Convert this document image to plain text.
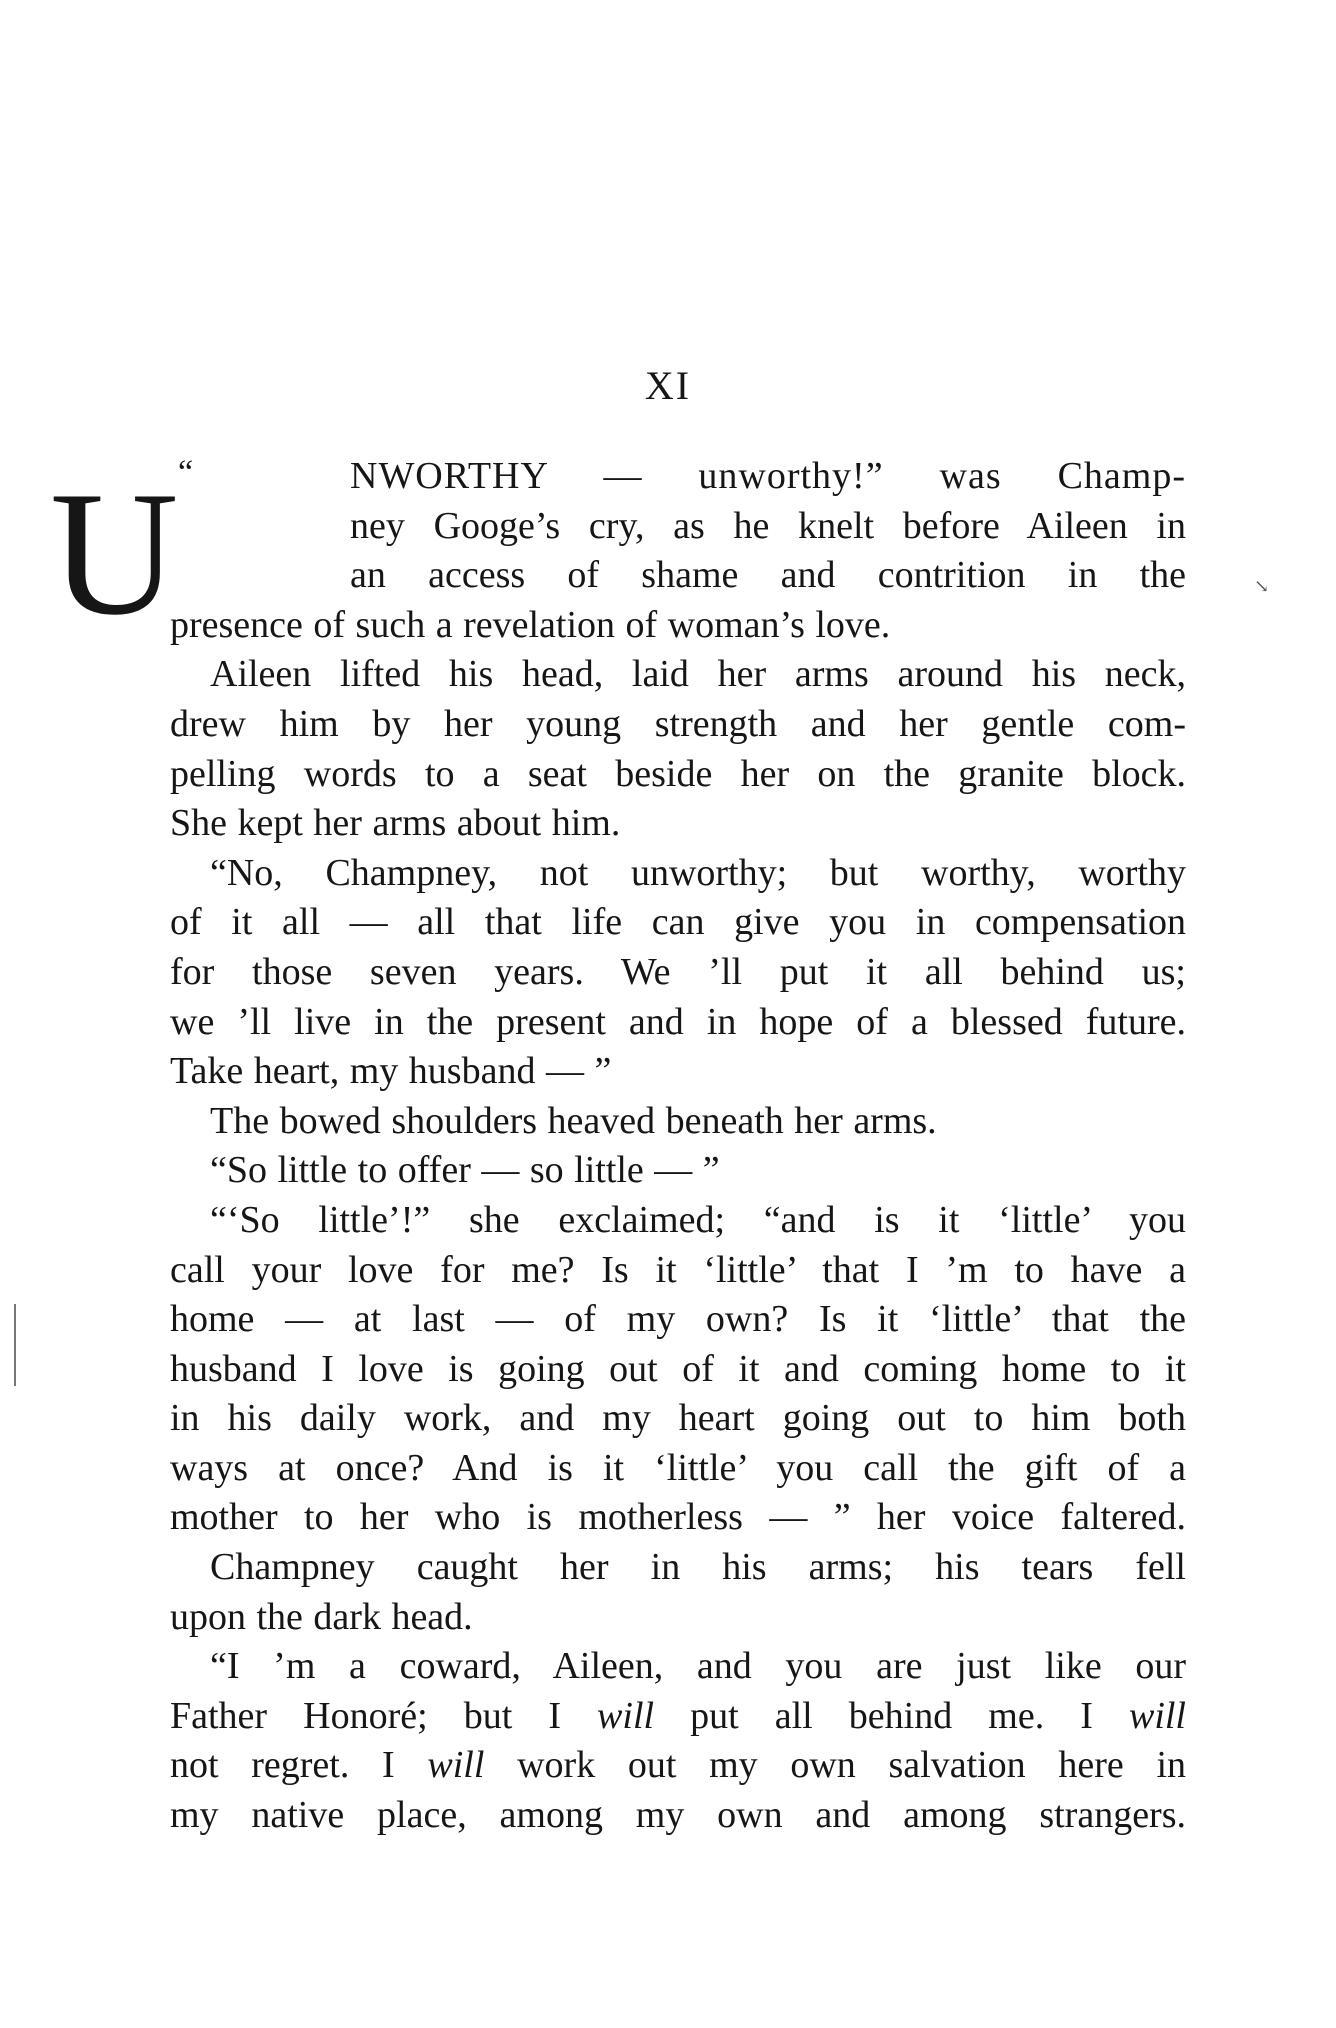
XI
“
U	NWORTHY — unworthy!” was Champ-
ney Googe’s cry, as he knelt before Aileen in
an access of shame and contrition in the
presence of such a revelation of woman’s love.
Aileen lifted his head, laid her arms around his neck,
drew him by her young strength and her gentle com-
pelling words to a seat beside her on the granite block.
She kept her arms about him.
“No, Champney, not unworthy; but worthy, worthy
of it all — all that life can give you in compensation
for those seven years. We ’ll put it all behind us;
we ’ll live in the present and in hope of a blessed future.
Take heart, my husband — ”
The bowed shoulders heaved beneath her arms.
“So little to offer — so little — ”
“‘So little’!” she exclaimed; “and is it ‘little’ you
call your love for me? Is it ‘little’ that I ’m to have a
home — at last — of my own? Is it ‘little’ that the
husband I love is going out of it and coming home to it
in his daily work, and my heart going out to him both
ways at once? And is it ‘little’ you call the gift of a
mother to her who is motherless — ” her voice faltered.
Champney caught her in his arms; his tears fell
upon the dark head.
“I ’m a coward, Aileen, and you are just like our
Father Honoré; but I will put all behind me. I will
not regret. I will work out my own salvation here in
my native place, among my own and among strangers.
↘
